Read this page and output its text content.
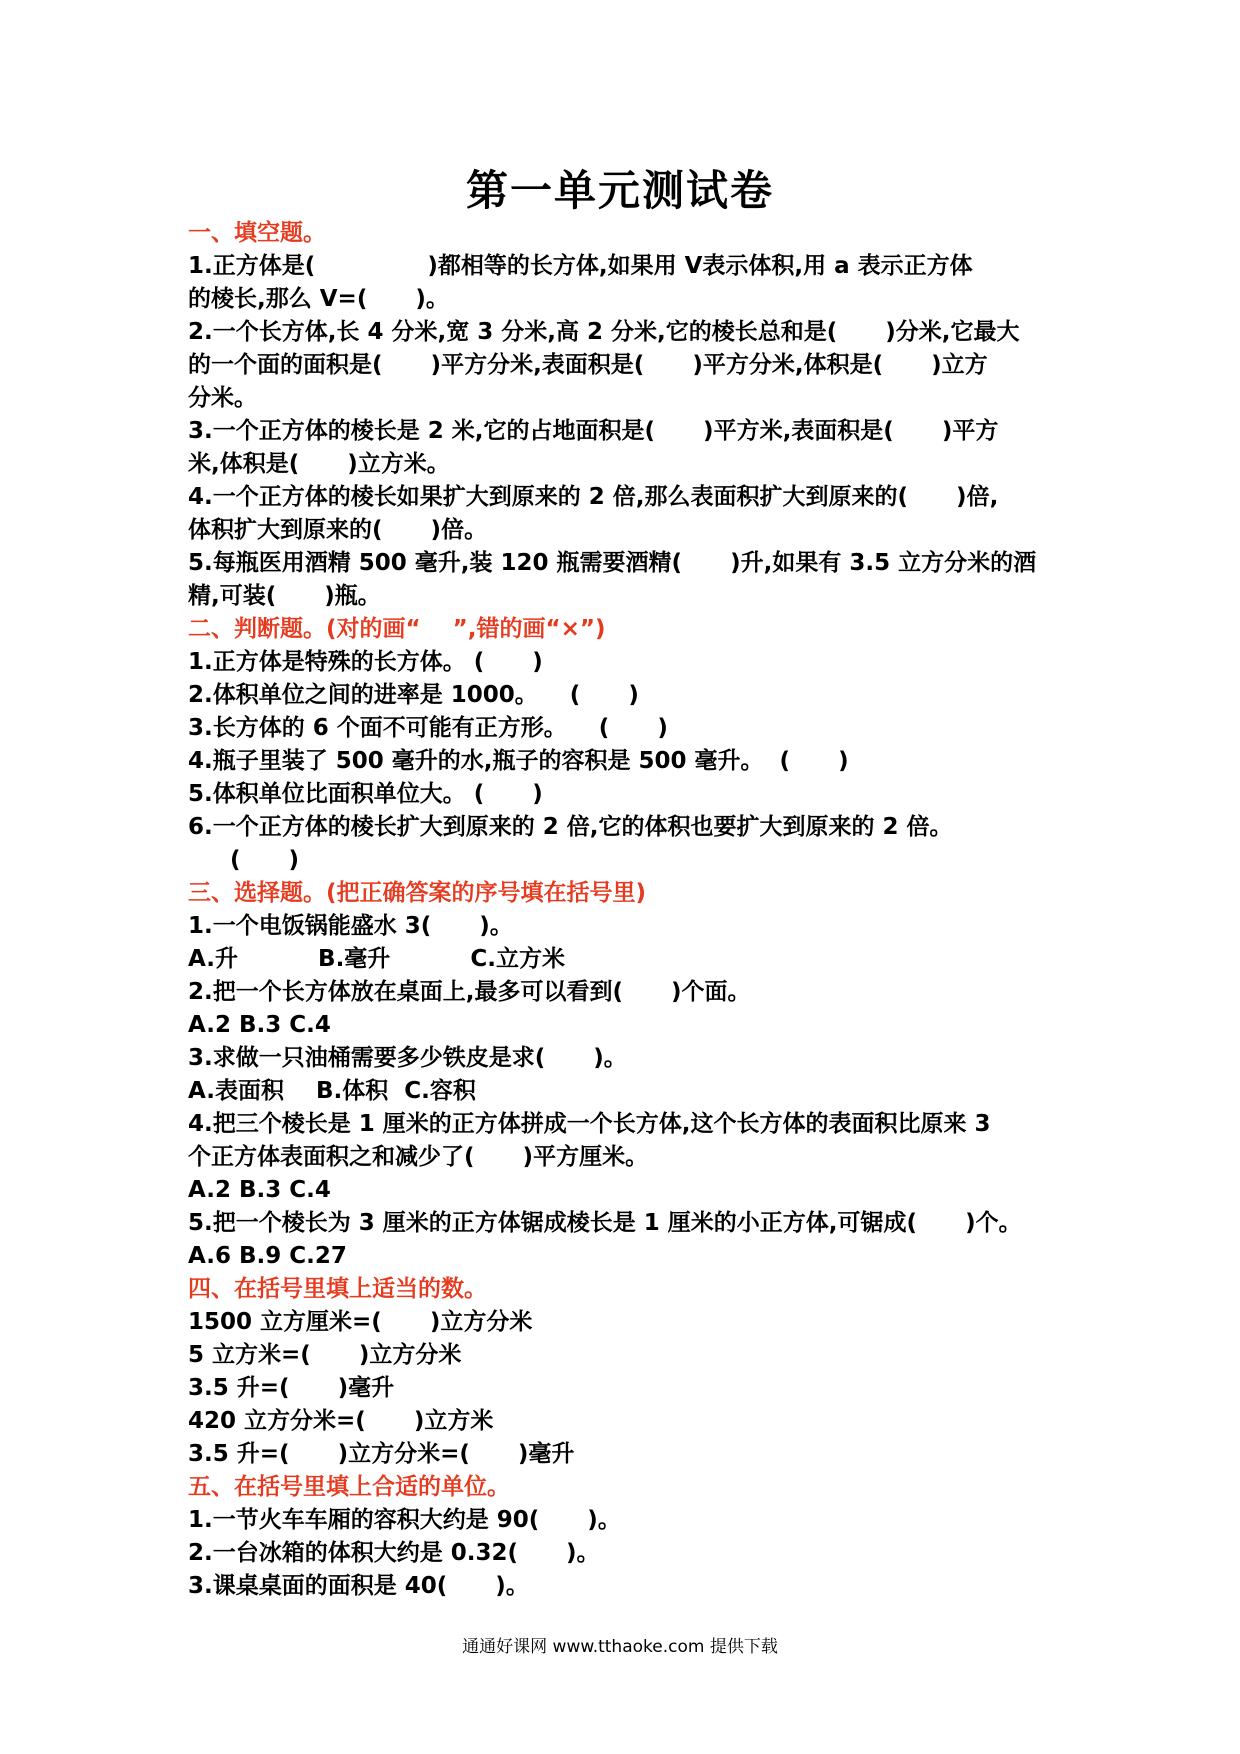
第一单元测试卷
一、填空题。
1.正方体是(              )都相等的长方体,如果用 V表示体积,用 a 表示正方体
的棱长,那么 V=(      )。
2.一个长方体,长 4 分米,宽 3 分米,高 2 分米,它的棱长总和是(      )分米,它最大
的一个面的面积是(      )平方分米,表面积是(      )平方分米,体积是(      )立方
分米。
3.一个正方体的棱长是 2 米,它的占地面积是(      )平方米,表面积是(      )平方
米,体积是(      )立方米。
4.一个正方体的棱长如果扩大到原来的 2 倍,那么表面积扩大到原来的(      )倍,
体积扩大到原来的(      )倍。
5.每瓶医用酒精 500 毫升,装 120 瓶需要酒精(      )升,如果有 3.5 立方分米的酒
精,可装(      )瓶。
二、判断题。(对的画“    ”,错的画“×”)
1.正方体是特殊的长方体。 (      )
2.体积单位之间的进率是 1000。    (      )
3.长方体的 6 个面不可能有正方形。    (      )
4.瓶子里装了 500 毫升的水,瓶子的容积是 500 毫升。  (      )
5.体积单位比面积单位大。 (      )
6.一个正方体的棱长扩大到原来的 2 倍,它的体积也要扩大到原来的 2 倍。
(      )
三、选择题。(把正确答案的序号填在括号里)
1.一个电饭锅能盛水 3(      )。
A.升          B.毫升          C.立方米
2.把一个长方体放在桌面上,最多可以看到(      )个面。
A.2 B.3 C.4
3.求做一只油桶需要多少铁皮是求(      )。
A.表面积    B.体积  C.容积
4.把三个棱长是 1 厘米的正方体拼成一个长方体,这个长方体的表面积比原来 3
个正方体表面积之和减少了(      )平方厘米。
A.2 B.3 C.4
5.把一个棱长为 3 厘米的正方体锯成棱长是 1 厘米的小正方体,可锯成(      )个。
A.6 B.9 C.27
四、在括号里填上适当的数。
1500 立方厘米=(      )立方分米
5 立方米=(      )立方分米
3.5 升=(      )毫升
420 立方分米=(      )立方米
3.5 升=(      )立方分米=(      )毫升
五、在括号里填上合适的单位。
1.一节火车车厢的容积大约是 90(      )。
2.一台冰箱的体积大约是 0.32(      )。
3.课桌桌面的面积是 40(      )。
通通好课网 www.tthaoke.com 提供下载
